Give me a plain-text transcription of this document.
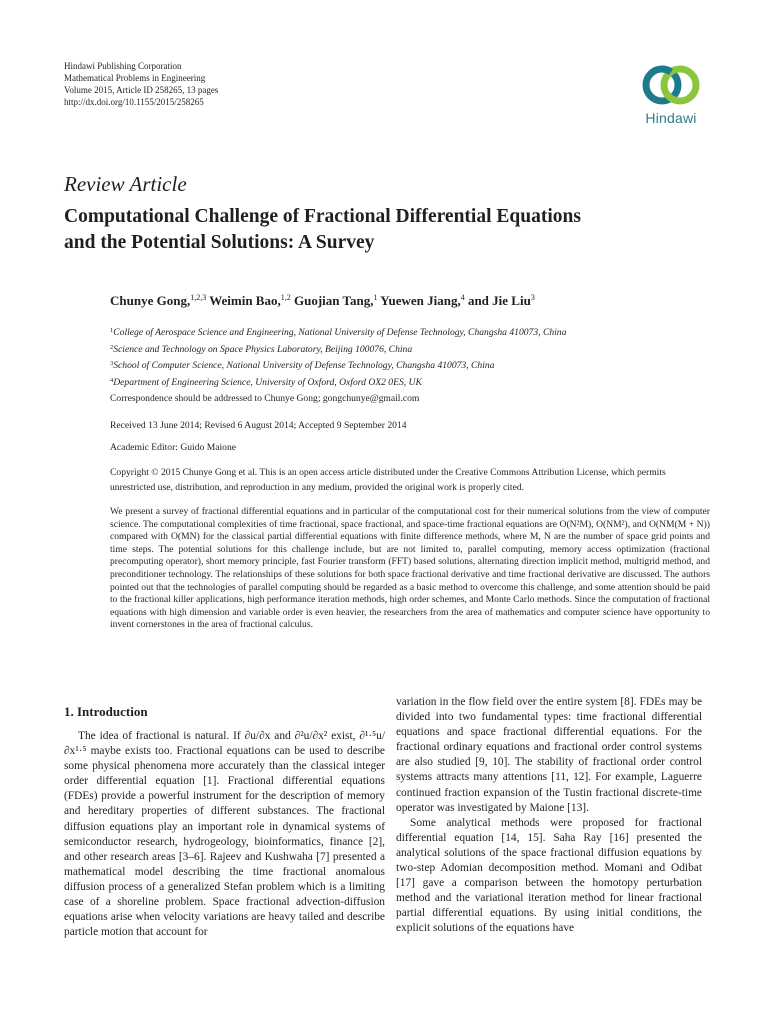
Hindawi Publishing Corporation
Mathematical Problems in Engineering
Volume 2015, Article ID 258265, 13 pages
http://dx.doi.org/10.1155/2015/258265
Hindawi
Review Article
Computational Challenge of Fractional Differential Equations
and the Potential Solutions: A Survey
Chunye Gong,$^{1,2,3}$ Weimin Bao,$^{1,2}$ Guojian Tang,$^1$ Yuewen Jiang,$^4$ and Jie Liu$^3$
$^1$College of Aerospace Science and Engineering, National University of Defense Technology, Changsha 410073, China
$^2$Science and Technology on Space Physics Laboratory, Beijing 100076, China
$^3$School of Computer Science, National University of Defense Technology, Changsha 410073, China
$^4$Department of Engineering Science, University of Oxford, Oxford OX2 0ES, UK
Correspondence should be addressed to Chunye Gong; gongchunye@gmail.com
Received 13 June 2014; Revised 6 August 2014; Accepted 9 September 2014
Academic Editor: Guido Maione
Copyright © 2015 Chunye Gong et al. This is an open access article distributed under the Creative Commons Attribution License, which permits unrestricted use, distribution, and reproduction in any medium, provided the original work is properly cited.

We present a survey of fractional differential equations and in particular of the computational cost for their numerical solutions from the view of computer science. The computational complexities of time fractional, space fractional, and space-time fractional equations are O(N²M), O(NM²), and O(NM(M + N)) compared with O(MN) for the classical partial differential equations with finite difference methods, where M, N are the number of space grid points and time steps. The potential solutions for this challenge include, but are not limited to, parallel computing, memory access optimization (fractional precomputing operator), short memory principle, fast Fourier transform (FFT) based solutions, alternating direction implicit method, multigrid method, and preconditioner technology. The relationships of these solutions for both space fractional derivative and time fractional derivative are discussed. The authors pointed out that the technologies of parallel computing should be regarded as a basic method to overcome this challenge, and some attention should be paid to the fractional killer applications, high performance iteration methods, high order schemes, and Monte Carlo methods. Since the computation of fractional equations with high dimension and variable order is even heavier, the researchers from the area of mathematics and computer science have opportunity to invent cornerstones in the area of fractional calculus.

1. Introduction

The idea of fractional is natural. If ∂u/∂x and ∂²u/∂x² exist, ∂¹·⁵u/∂x¹·⁵ maybe exists too. Fractional equations can be used to describe some physical phenomena more accurately than the classical integer order differential equation [1]. Fractional differential equations (FDEs) provide a powerful instrument for the description of memory and hereditary properties of different substances. The fractional diffusion equations play an important role in dynamical systems of semiconductor research, hydrogeology, bioinformatics, finance [2], and other research areas [3–6]. Rajeev and Kushwaha [7] presented a mathematical model describing the time fractional anomalous diffusion process of a generalized Stefan problem which is a limiting case of a shoreline problem. Space fractional advection-diffusion equations arise when velocity variations are heavy tailed and describe particle motion that account for

variation in the flow field over the entire system [8]. FDEs may be divided into two fundamental types: time fractional differential equations and space fractional differential equations. For the fractional ordinary equations and fractional order control systems are also studied [9, 10]. The stability of fractional order control systems attracts many attentions [11, 12]. For example, Laguerre continued fraction expansion of the Tustin fractional discrete-time operator was investigated by Maione [13].

Some analytical methods were proposed for fractional differential equation [14, 15]. Saha Ray [16] presented the analytical solutions of the space fractional diffusion equations by two-step Adomian decomposition method. Momani and Odibat [17] gave a comparison between the homotopy perturbation method and the variational iteration method for linear fractional partial differential equations. By using initial conditions, the explicit solutions of the equations have
